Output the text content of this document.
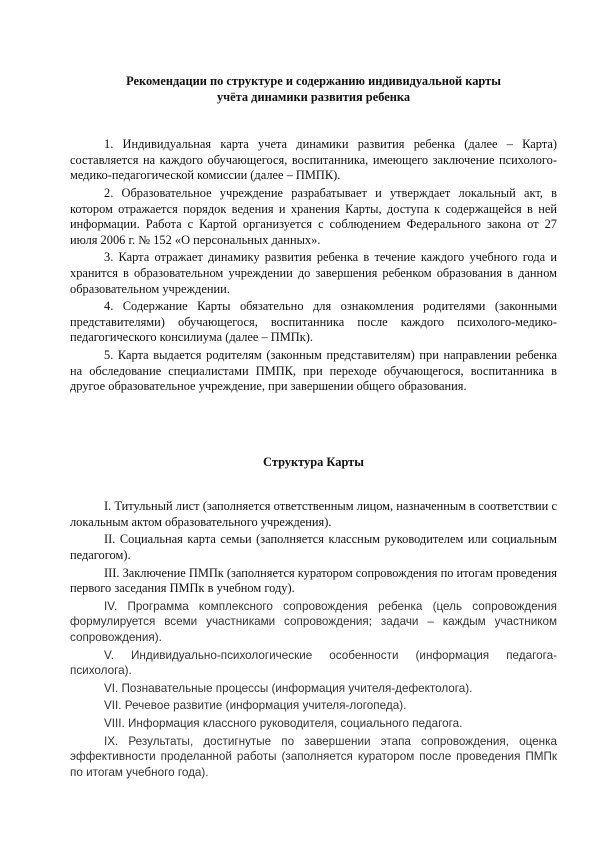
Рекомендации по структуре и содержанию индивидуальной карты
учёта динамики развития ребенка

1. Индивидуальная карта учета динамики развития ребенка (далее – Карта) составляется на каждого обучающегося, воспитанника, имеющего заключение психолого-медико-педагогической комиссии (далее – ПМПК).

2. Образовательное учреждение разрабатывает и утверждает локальный акт, в котором отражается порядок ведения и хранения Карты, доступа к содержащейся в ней информации. Работа с Картой организуется с соблюдением Федерального закона от 27 июля 2006 г. № 152 «О персональных данных».

3. Карта отражает динамику развития ребенка в течение каждого учебного года и хранится в образовательном учреждении до завершения ребенком образования в данном образовательном учреждении.

4. Содержание Карты обязательно для ознакомления родителями (законными представителями) обучающегося, воспитанника после каждого психолого-медико-педагогического консилиума (далее – ПМПк).

5. Карта выдается родителям (законным представителям) при направлении ребенка на обследование специалистами ПМПК, при переходе обучающегося, воспитанника в другое образовательное учреждение, при завершении общего образования.

Структура Карты

I. Титульный лист (заполняется ответственным лицом, назначенным в соответствии с локальным актом образовательного учреждения).

II. Социальная карта семьи (заполняется классным руководителем или социальным педагогом).

III. Заключение ПМПк (заполняется куратором сопровождения по итогам проведения первого заседания ПМПк в учебном году).

IV. Программа комплексного сопровождения ребенка (цель сопровождения формулируется всеми участниками сопровождения; задачи – каждым участником сопровождения).

V. Индивидуально-психологические особенности (информация педагога-психолога).

VI. Познавательные процессы (информация учителя-дефектолога).

VII. Речевое развитие (информация учителя-логопеда).

VIII. Информация классного руководителя, социального педагога.

IX. Результаты, достигнутые по завершении этапа сопровождения, оценка эффективности проделанной работы (заполняется куратором после проведения ПМПк по итогам учебного года).
